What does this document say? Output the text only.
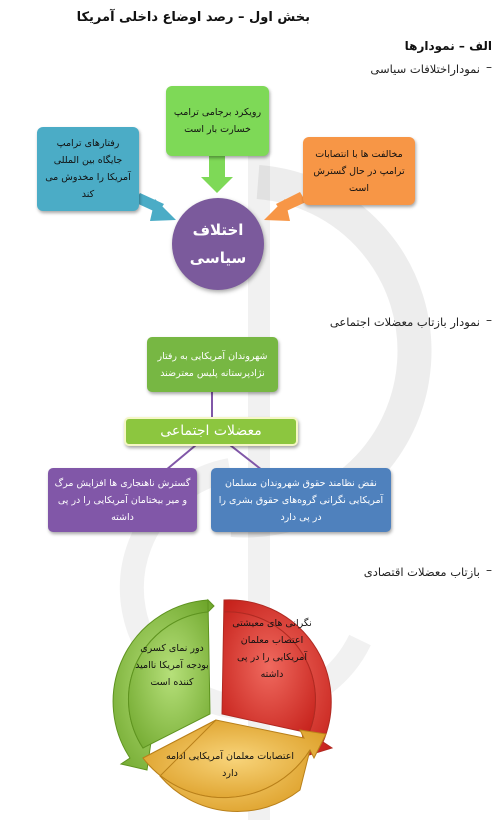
بخش اول – رصد اوضاع داخلی آمریکا
الف – نمودارها
–
نموداراختلافات سیاسی
رویکرد برجامی ترامپ خسارت بار است
رفتارهای ترامپ جایگاه بین المللی آمریکا را مخدوش می کند
مخالفت ها با انتصابات ترامپ در حال گسترش است
اختلاف
سیاسی
–
نمودار بازتاب معضلات اجتماعی
شهروندان آمریکایی به رفتار نژادپرستانه پلیس معترضند
معضلات اجتماعی
گسترش ناهنجاری ها افزایش مرگ و میر بیختامان آمریکایی را در پی داشته
نقض نظامند حقوق شهروندان مسلمان آمریکایی نگرانی گروه‌های حقوق بشری را در پی دارد
–
بازتاب معضلات اقتصادی
نگرانی های معیشتی اعتصاب معلمان آمریکایی را در پی داشته
دور نمای کسری بودجه آمریکا ناامید کننده است
اعتصابات معلمان آمریکایی ادامه دارد
